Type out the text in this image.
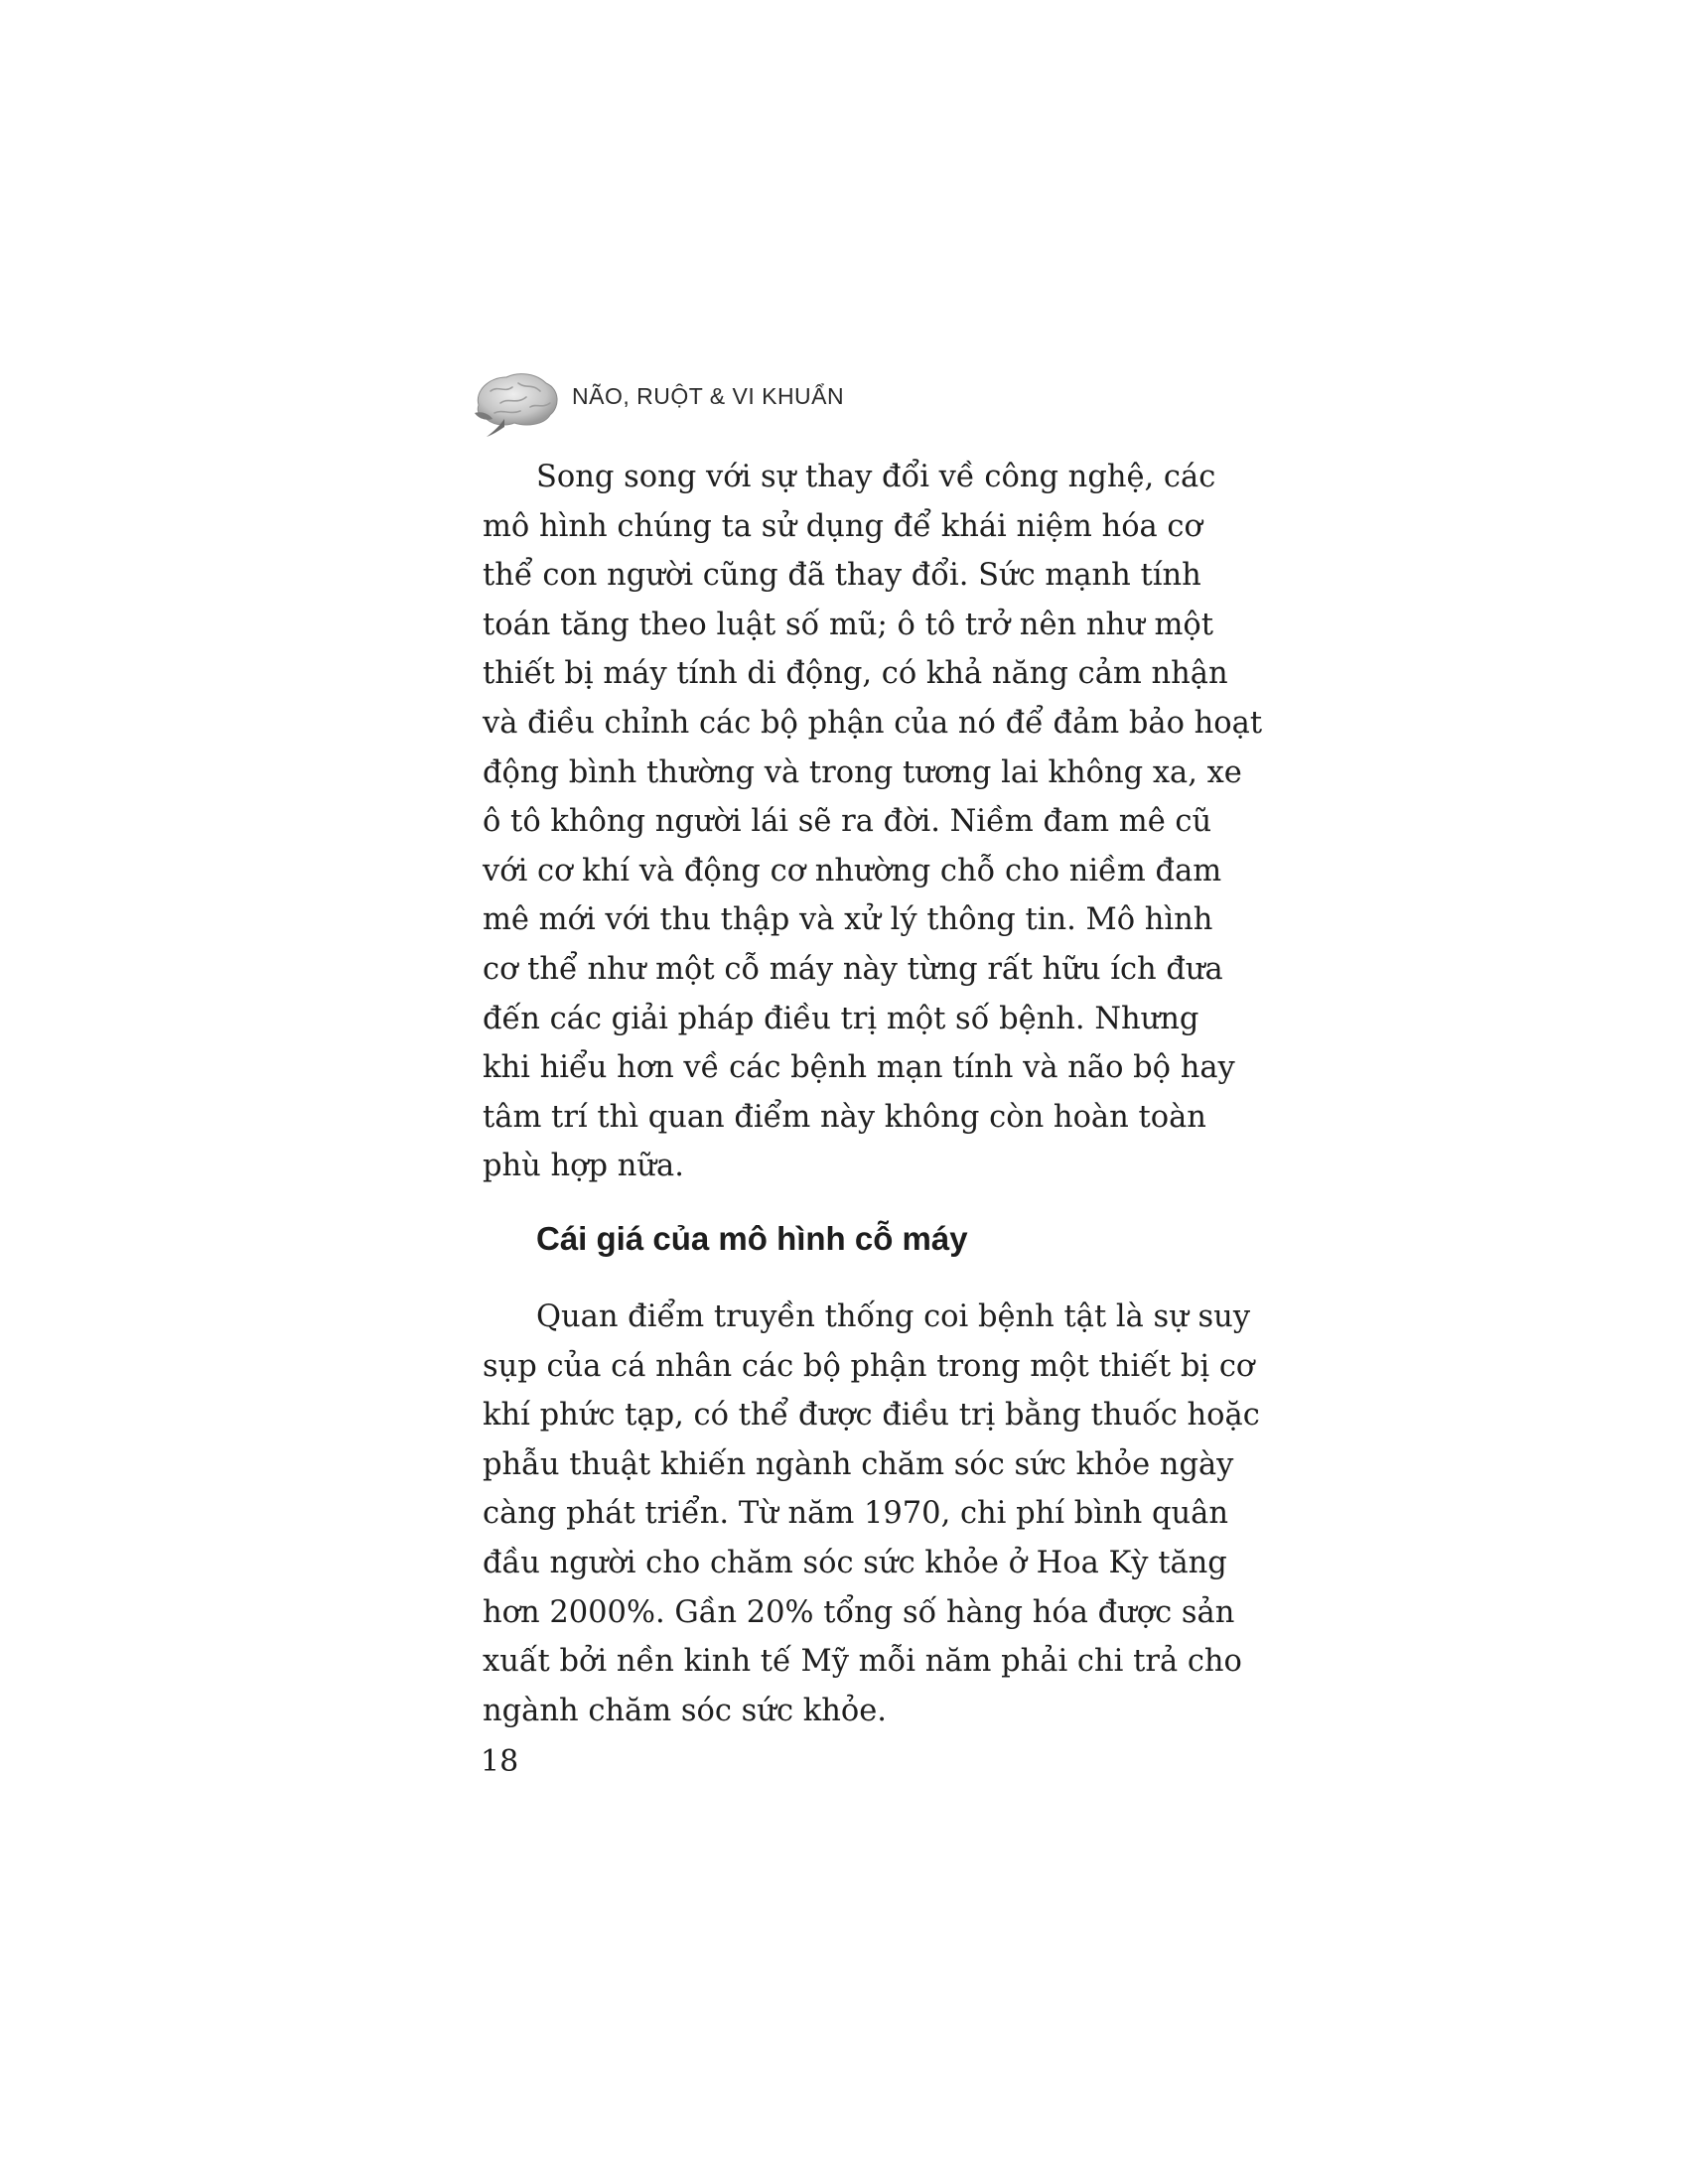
NÃO, RUỘT & VI KHUẨN
Song song với sự thay đổi về công nghệ, các
mô hình chúng ta sử dụng để khái niệm hóa cơ
thể con người cũng đã thay đổi. Sức mạnh tính
toán tăng theo luật số mũ; ô tô trở nên như một
thiết bị máy tính di động, có khả năng cảm nhận
và điều chỉnh các bộ phận của nó để đảm bảo hoạt
động bình thường và trong tương lai không xa, xe
ô tô không người lái sẽ ra đời. Niềm đam mê cũ
với cơ khí và động cơ nhường chỗ cho niềm đam
mê mới với thu thập và xử lý thông tin. Mô hình
cơ thể như một cỗ máy này từng rất hữu ích đưa
đến các giải pháp điều trị một số bệnh. Nhưng
khi hiểu hơn về các bệnh mạn tính và não bộ hay
tâm trí thì quan điểm này không còn hoàn toàn
phù hợp nữa.
Cái giá của mô hình cỗ máy
Quan điểm truyền thống coi bệnh tật là sự suy
sụp của cá nhân các bộ phận trong một thiết bị cơ
khí phức tạp, có thể được điều trị bằng thuốc hoặc
phẫu thuật khiến ngành chăm sóc sức khỏe ngày
càng phát triển. Từ năm 1970, chi phí bình quân
đầu người cho chăm sóc sức khỏe ở Hoa Kỳ tăng
hơn 2000%. Gần 20% tổng số hàng hóa được sản
xuất bởi nền kinh tế Mỹ mỗi năm phải chi trả cho
ngành chăm sóc sức khỏe.
18
